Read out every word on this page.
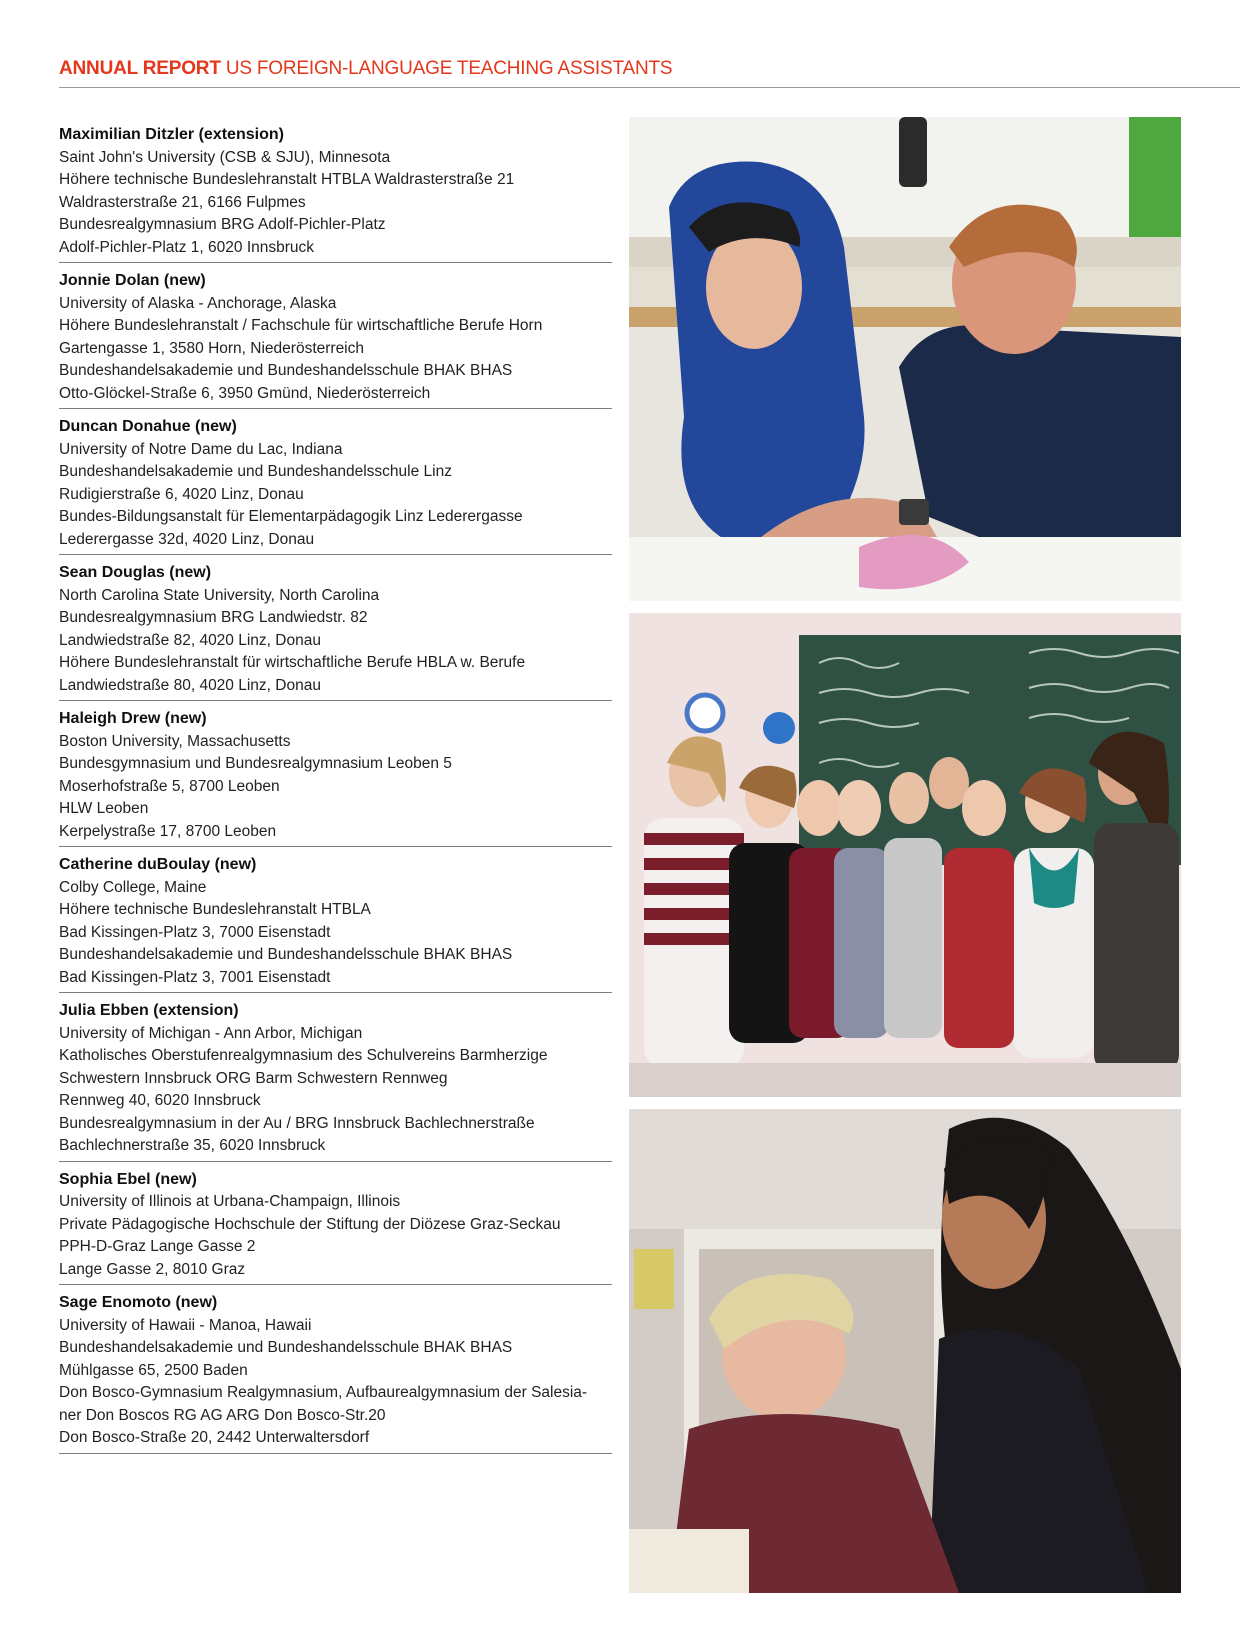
ANNUAL REPORT US FOREIGN-LANGUAGE TEACHING ASSISTANTS
Maximilian Ditzler (extension)
Saint John's University (CSB & SJU), Minnesota
Höhere technische Bundeslehranstalt HTBLA Waldrasterstraße 21
Waldrasterstraße 21, 6166 Fulpmes
Bundesrealgymnasium BRG Adolf-Pichler-Platz
Adolf-Pichler-Platz 1, 6020 Innsbruck
Jonnie Dolan (new)
University of Alaska - Anchorage, Alaska
Höhere Bundeslehranstalt / Fachschule für wirtschaftliche Berufe Horn
Gartengasse 1, 3580 Horn, Niederösterreich
Bundeshandelsakademie und Bundeshandelsschule BHAK BHAS
Otto-Glöckel-Straße 6, 3950 Gmünd, Niederösterreich
Duncan Donahue (new)
University of Notre Dame du Lac, Indiana
Bundeshandelsakademie und Bundeshandelsschule Linz
Rudigierstraße 6, 4020 Linz, Donau
Bundes-Bildungsanstalt für Elementarpädagogik Linz Lederergasse
Lederergasse 32d, 4020 Linz, Donau
Sean Douglas (new)
North Carolina State University, North Carolina
Bundesrealgymnasium BRG Landwiedstr. 82
Landwiedstraße 82, 4020 Linz, Donau
Höhere Bundeslehranstalt für wirtschaftliche Berufe HBLA w. Berufe
Landwiedstraße 80, 4020 Linz, Donau
Haleigh Drew (new)
Boston University, Massachusetts
Bundesgymnasium und Bundesrealgymnasium Leoben 5
Moserhofstraße 5, 8700 Leoben
HLW Leoben
Kerpelystraße 17, 8700 Leoben
Catherine duBoulay (new)
Colby College, Maine
Höhere technische Bundeslehranstalt HTBLA
Bad Kissingen-Platz 3, 7000 Eisenstadt
Bundeshandelsakademie und Bundeshandelsschule BHAK BHAS
Bad Kissingen-Platz 3, 7001 Eisenstadt
Julia Ebben (extension)
University of Michigan - Ann Arbor, Michigan
Katholisches Oberstufenrealgymnasium des Schulvereins Barmherzige
Schwestern Innsbruck ORG Barm Schwestern Rennweg
Rennweg 40, 6020 Innsbruck
Bundesrealgymnasium in der Au / BRG Innsbruck Bachlechnerstraße
Bachlechnerstraße 35, 6020 Innsbruck
Sophia Ebel (new)
University of Illinois at Urbana-Champaign, Illinois
Private Pädagogische Hochschule der Stiftung der Diözese Graz-Seckau
PPH-D-Graz Lange Gasse 2
Lange Gasse 2, 8010 Graz
Sage Enomoto (new)
University of Hawaii - Manoa, Hawaii
Bundeshandelsakademie und Bundeshandelsschule BHAK BHAS
Mühlgasse 65, 2500 Baden
Don Bosco-Gymnasium Realgymnasium, Aufbaurealgymnasium der Salesia-
ner Don Boscos RG AG ARG Don Bosco-Str.20
Don Bosco-Straße 20, 2442 Unterwaltersdorf
